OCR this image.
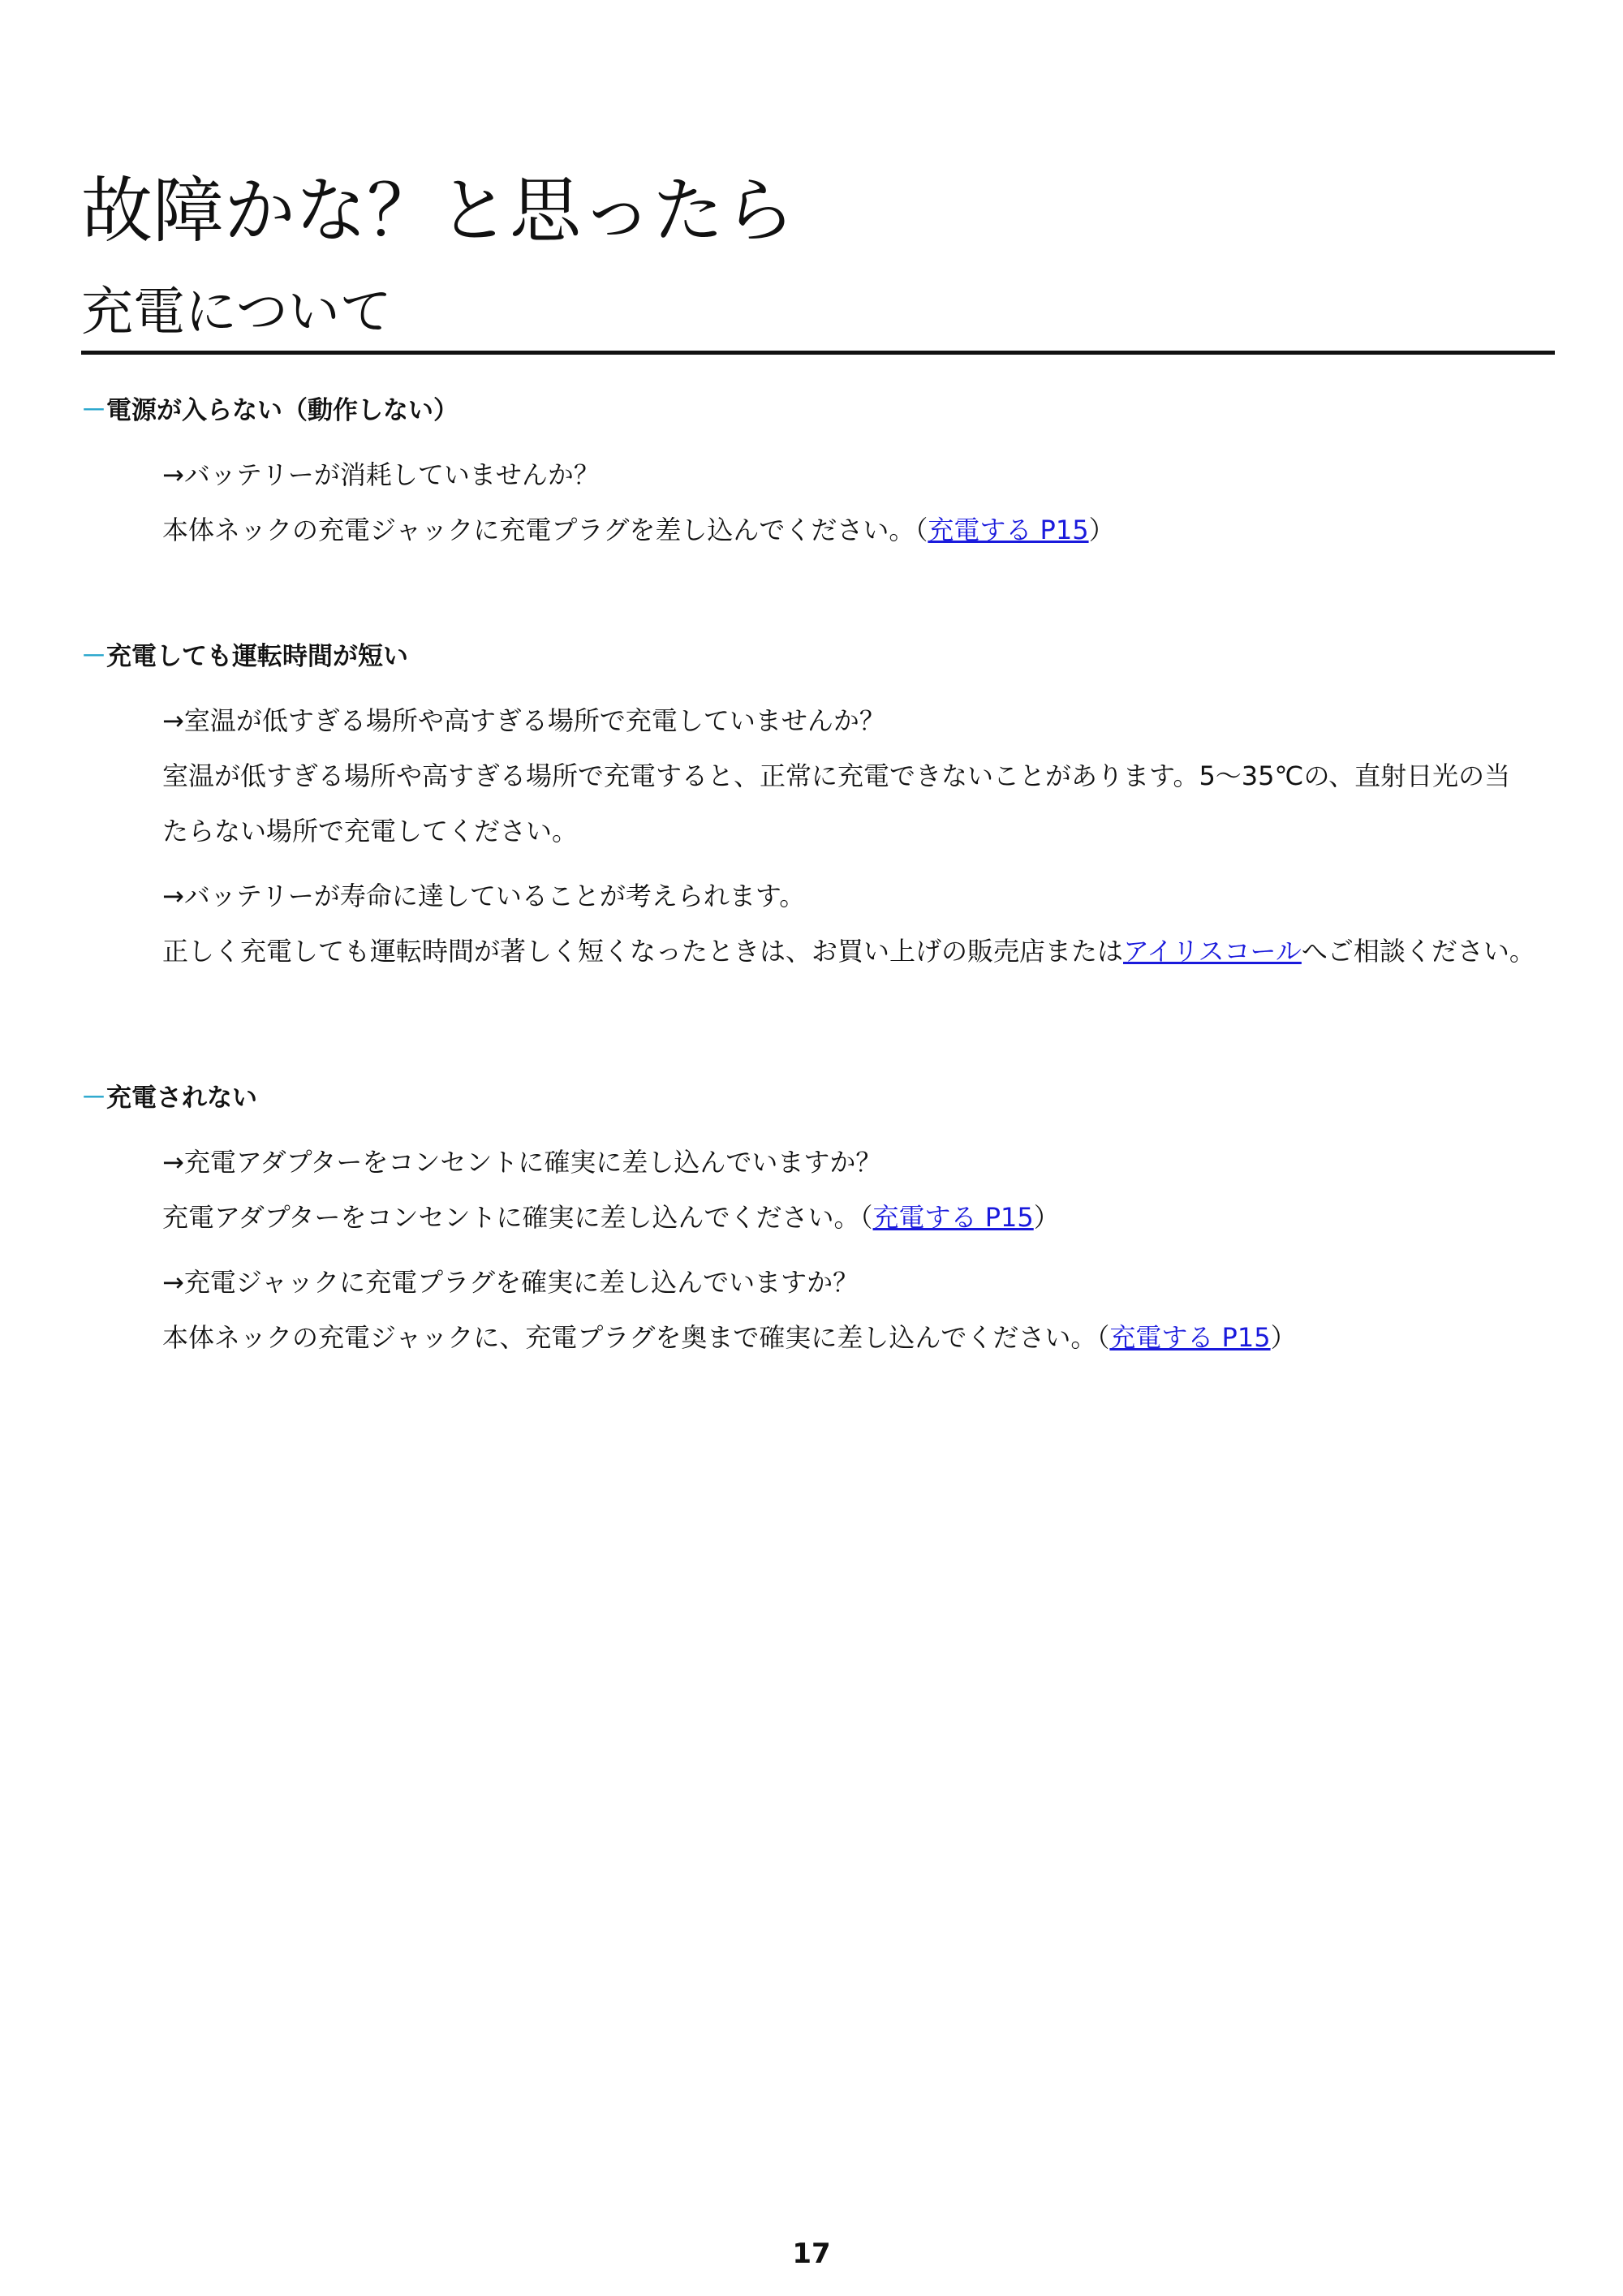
故障かな？と思ったら
充電について

－電源が入らない（動作しない）

→バッテリーが消耗していませんか？
本体ネックの充電ジャックに充電プラグを差し込んでください。（充電する P15）

－充電しても運転時間が短い

→室温が低すぎる場所や高すぎる場所で充電していませんか？
室温が低すぎる場所や高すぎる場所で充電すると、正常に充電できないことがあります。5～35℃の、直射日光の当
たらない場所で充電してください。
→バッテリーが寿命に達していることが考えられます。
正しく充電しても運転時間が著しく短くなったときは、お買い上げの販売店またはアイリスコールへご相談ください。

－充電されない

→充電アダプターをコンセントに確実に差し込んでいますか？
充電アダプターをコンセントに確実に差し込んでください。（充電する P15）
→充電ジャックに充電プラグを確実に差し込んでいますか？
本体ネックの充電ジャックに、充電プラグを奥まで確実に差し込んでください。（充電する P15）
17
